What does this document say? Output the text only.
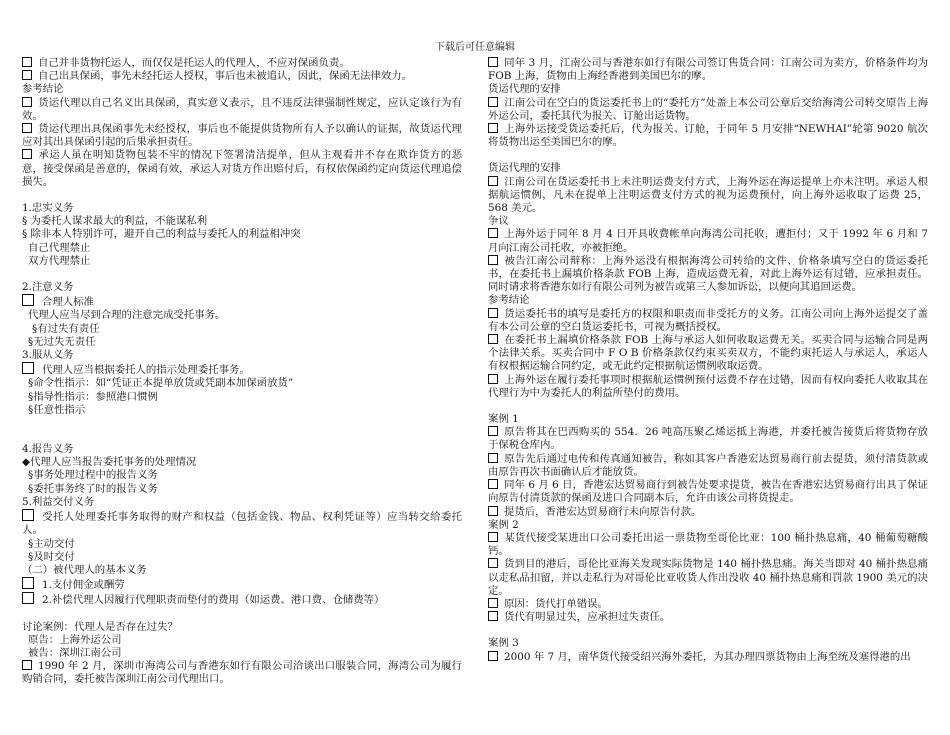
下载后可任意编辑
自己并非货物托运人，而仅仅是托运人的代理人，不应对保函负责。
自己出具保函，事先未经托运人授权，事后也未被追认，因此，保函无法律效力。
参考结论
货运代理以自己名义出具保函，真实意义表示，且不违反法律强制性规定，应认定该行为有效。
货运代理出具保函事先未经授权，事后也不能提供货物所有人予以确认的证据，故货运代理应对其出具保函引起的后果承担责任。
承运人虽在明知货物包装不牢的情况下签署清洁提单，但从主观看并不存在欺诈货方的恶意，接受保函是善意的，保函有效，承运人对货方作出赔付后，有权依保函约定向货运代理追偿损失。
1.忠实义务
§ 为委托人谋求最大的利益，不能谋私利
§ 除非本人特别许可，避开自己的利益与委托人的利益相冲突
自己代理禁止
双方代理禁止
2.注意义务
合理人标准
代理人应当尽到合理的注意完成受托事务。
§有过失有责任
§无过失无责任
3.服从义务
代理人应当根据委托人的指示处理委托事务。
§命令性指示：如“凭证正本提单放货或凭副本加保函放货”
§指导性指示：参照港口惯例
§任意性指示
4.报告义务
◆代理人应当报告委托事务的处理情况
§事务处理过程中的报告义务
§委托事务终了时的报告义务
5.利益交付义务
受托人处理委托事务取得的财产和权益（包括金钱、物品、权利凭证等）应当转交给委托人。
§主动交付
§及时交付
（二）被代理人的基本义务
1.支付佣金或酬劳
2.补偿代理人因履行代理职责而垫付的费用（如运费、港口费、仓储费等）
讨论案例：代理人是否存在过失？
原告：上海外运公司
被告：深圳江南公司
1990 年 2 月，深圳市海湾公司与香港东如行有限公司洽谈出口服装合同，海湾公司为履行购销合同，委托被告深圳江南公司代理出口。
同年 3 月，江南公司与香港东如行有限公司签订售货合同：江南公司为卖方，价格条件均为 FOB 上海，货物由上海经香港到美国巴尔的摩。
货运代理的安排
江南公司在空白的货运委托书上的“委托方”处盖上本公司公章后交给海湾公司转交原告上海外运公司，委托其代为报关、订舱出运货物。
上海外运接受货运委托后，代为报关、订舱，于同年 5 月安排“NEWHAI”轮第 9020 航次将货物出运至美国巴尔的摩。
货运代理的安排
江南公司在货运委托书上未注明运费支付方式，上海外运在海运提单上亦未注明。承运人根据航运惯例，凡未在提单上注明运费支付方式的视为运费预付，向上海外运收取了运费 25，568 美元。
争议
上海外运于同年 8 月 4 日开具收费帐单向海湾公司托收，遭拒付；又于 1992 年 6 月和 7 月向江南公司托收，亦被拒绝。
被告江南公司辩称：上海外运没有根据海湾公司转给的文件、价格条填写空白的货运委托书，在委托书上漏填价格条款 FOB 上海，造成运费无着，对此上海外运有过错，应承担责任。同时请求将香港东如行有限公司列为被告或第三人参加诉讼，以便向其追回运费。
参考结论
货运委托书的填写是委托方的权限和职责而非受托方的义务。江南公司向上海外运提交了盖有本公司公章的空白货运委托书，可视为概括授权。
在委托书上漏填价格条款 FOB 上海与承运人如何收取运费无关。买卖合同与运输合同是两个法律关系。买卖合同中 F O B 价格条款仅约束买卖双方，不能约束托运人与承运人，承运人有权根据运输合同约定，或无此约定根据航运惯例收取运费。
上海外运在履行委托事项时根据航运惯例预付运费不存在过错，因而有权向委托人收取其在代理行为中为委托人的利益所垫付的费用。
案例 1
原告将其在巴西购买的 554．26 吨高压聚乙烯运抵上海港，并委托被告接货后将货物存放于保税仓库内。
原告先后通过电传和传真通知被告，称如其客户香港宏达贸易商行前去提货，须付清货款或由原告再次书面确认后才能放货。
同年 6 月 6 日，香港宏达贸易商行到被告处要求提货，被告在香港宏达贸易商行出具了保证向原告付清货款的保函及进口合同副本后，允许由该公司将货提走。
提货后，香港宏达贸易商行未向原告付款。
案例 2
某货代接受某进出口公司委托出运一票货物至哥伦比亚：100 桶扑热息痛，40 桶葡萄糖酸钙。
货到目的港后，哥伦比亚海关发现实际货物是 140 桶扑热息痛。海关当即对 40 桶扑热息痛以走私品扣留，并以走私行为对哥伦比亚收货人作出没收 40 桶扑热息痛和罚款 1900 美元的决定。
原因：货代打单错误。
货代有明显过失，应承担过失责任。
案例 3
2000 年 7 月，南华货代接受绍兴海外委托，为其办理四票货物由上海至统及塞得港的出
